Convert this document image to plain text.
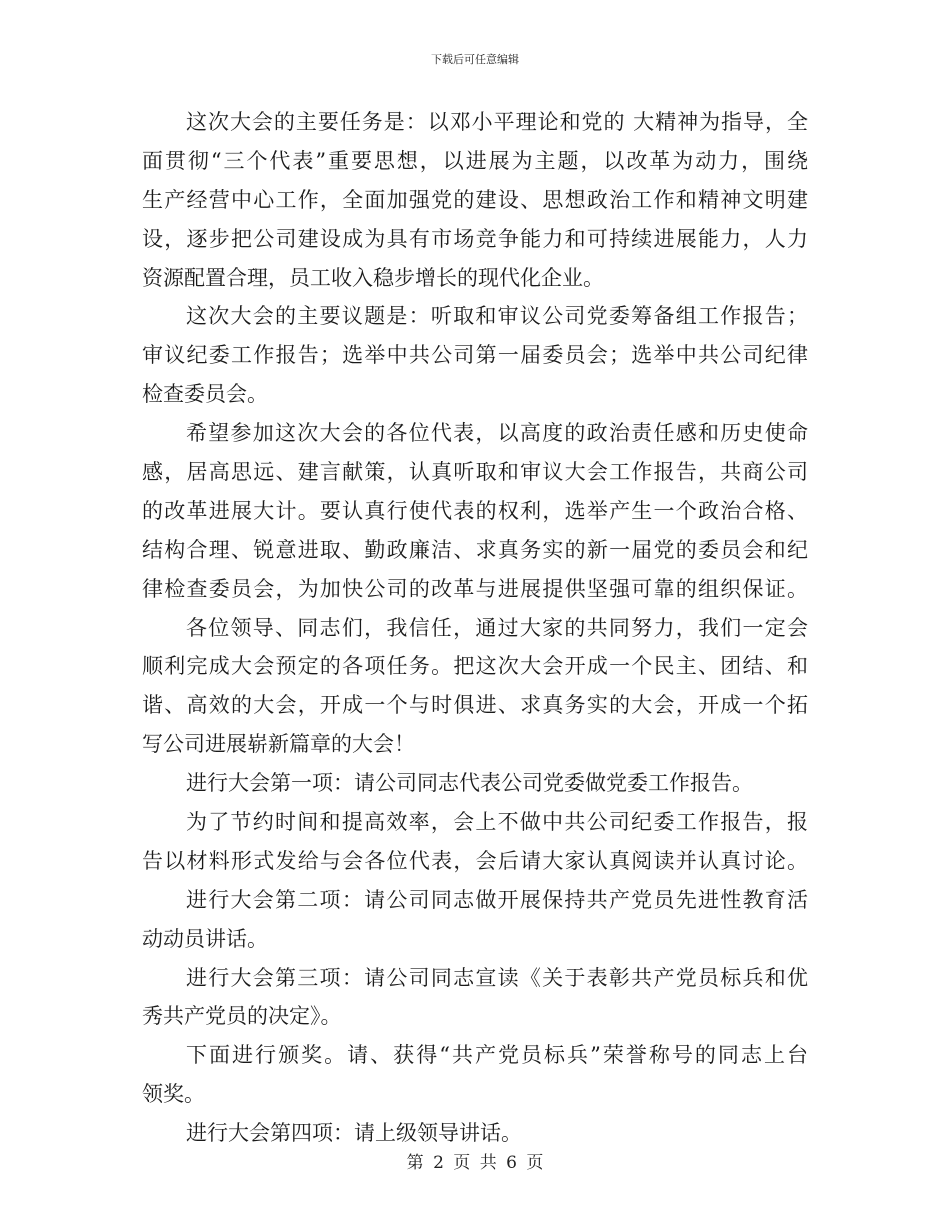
下载后可任意编辑
这次大会的主要任务是：以邓小平理论和党的 大精神为指导，全
面贯彻“三个代表”重要思想，以进展为主题，以改革为动力，围绕
生产经营中心工作，全面加强党的建设、思想政治工作和精神文明建
设，逐步把公司建设成为具有市场竞争能力和可持续进展能力，人力
资源配置合理，员工收入稳步增长的现代化企业。
这次大会的主要议题是：听取和审议公司党委筹备组工作报告；
审议纪委工作报告；选举中共公司第一届委员会；选举中共公司纪律
检查委员会。
希望参加这次大会的各位代表，以高度的政治责任感和历史使命
感，居高思远、建言献策，认真听取和审议大会工作报告，共商公司
的改革进展大计。要认真行使代表的权利，选举产生一个政治合格、
结构合理、锐意进取、勤政廉洁、求真务实的新一届党的委员会和纪
律检查委员会，为加快公司的改革与进展提供坚强可靠的组织保证。
各位领导、同志们，我信任，通过大家的共同努力，我们一定会
顺利完成大会预定的各项任务。把这次大会开成一个民主、团结、和
谐、高效的大会，开成一个与时俱进、求真务实的大会，开成一个拓
写公司进展崭新篇章的大会！
进行大会第一项：请公司同志代表公司党委做党委工作报告。
为了节约时间和提高效率，会上不做中共公司纪委工作报告，报
告以材料形式发给与会各位代表，会后请大家认真阅读并认真讨论。
进行大会第二项：请公司同志做开展保持共产党员先进性教育活
动动员讲话。
进行大会第三项：请公司同志宣读《关于表彰共产党员标兵和优
秀共产党员的决定》。
下面进行颁奖。请、获得“共产党员标兵”荣誉称号的同志上台
领奖。
进行大会第四项：请上级领导讲话。
第 2 页 共 6 页
